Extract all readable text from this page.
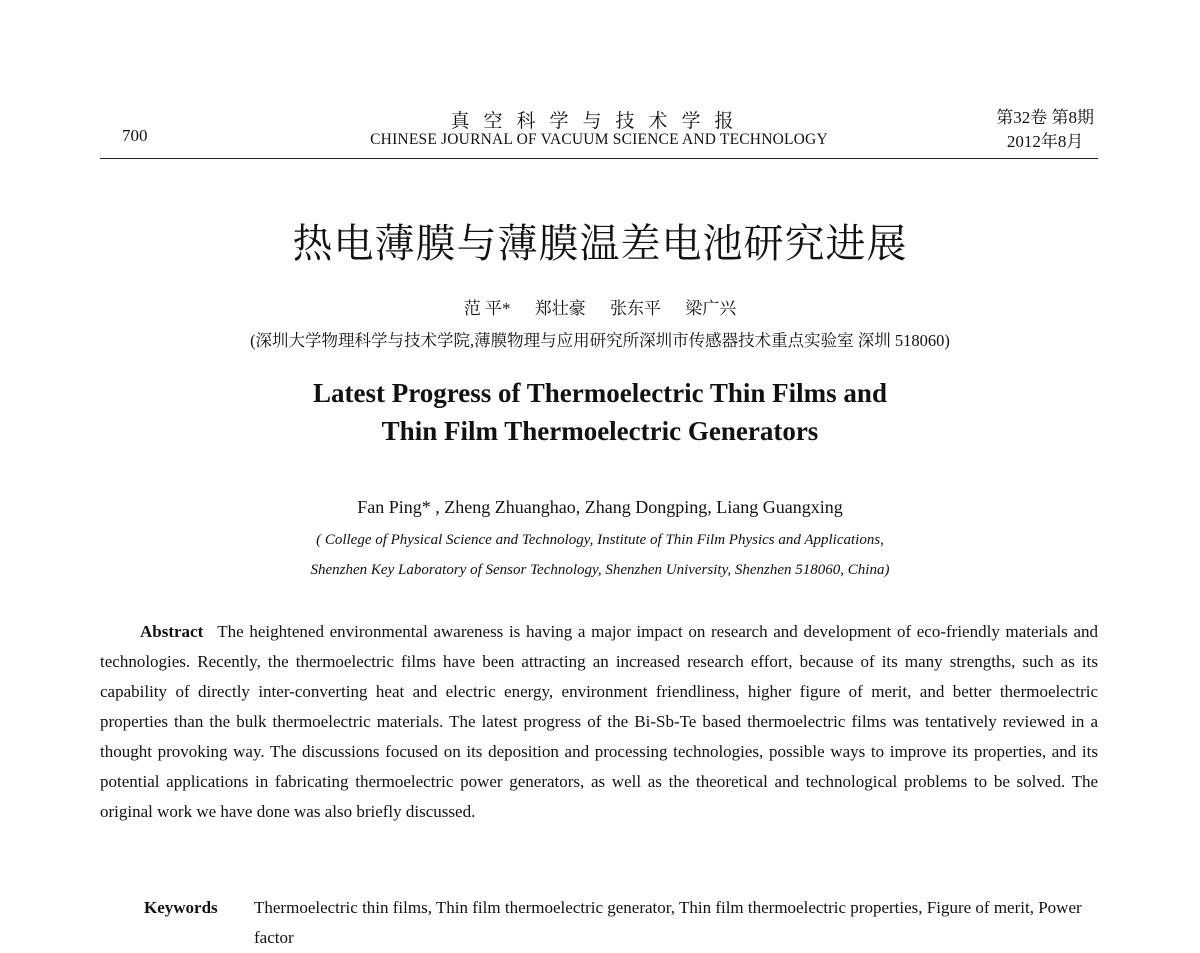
700
真空科学与技术学报
CHINESE JOURNAL OF VACUUM SCIENCE AND TECHNOLOGY
第32卷 第8期
2012年8月
热电薄膜与薄膜温差电池研究进展
范 平* 郑壮豪 张东平 梁广兴
(深圳大学物理科学与技术学院,薄膜物理与应用研究所深圳市传感器技术重点实验室 深圳 518060)
Latest Progress of Thermoelectric Thin Films and
Thin Film Thermoelectric Generators
Fan Ping* , Zheng Zhuanghao, Zhang Dongping, Liang Guangxing
( College of Physical Science and Technology, Institute of Thin Film Physics and Applications,
Shenzhen Key Laboratory of Sensor Technology, Shenzhen University, Shenzhen 518060, China)
Abstract The heightened environmental awareness is having a major impact on research and development of eco-friendly materials and technologies. Recently, the thermoelectric films have been attracting an increased research effort, because of its many strengths, such as its capability of directly inter-converting heat and electric energy, environment friendliness, higher figure of merit, and better thermoelectric properties than the bulk thermoelectric materials. The latest progress of the Bi-Sb-Te based thermoelectric films was tentatively reviewed in a thought provoking way. The discussions focused on its deposition and processing technologies, possible ways to improve its properties, and its potential applications in fabricating thermoelectric power generators, as well as the theoretical and technological problems to be solved. The original work we have done was also briefly discussed.
Keywords	Thermoelectric thin films, Thin film thermoelectric generator, Thin film thermoelectric properties, Figure of merit, Power factor
